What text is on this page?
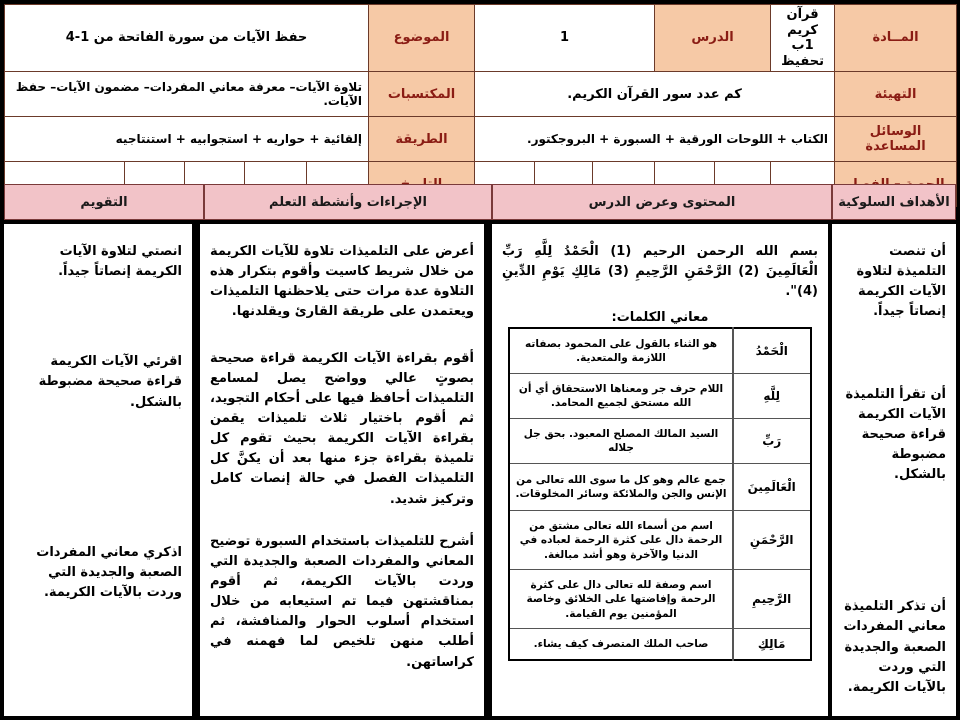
المــادة	قرآن كريم 1ب تحفيظ	الدرس		1			الموضوع	حفظ الآيات من سورة الفاتحة من 1-4				
التهيئة	كم عدد سور القرآن الكريم.						المكتسبات	تلاوة الآيات– معرفة معاني المفردات– مضمون الآيات– حفظ الآيات.				
الوسائل المساعدة	الكتاب + اللوحات الورقية + السبورة + البروجكتور.						الطريقة	إلقائية + حواريه + استجوابيه + استنتاجيه				

الأهداف السلوكية
المحتوى وعرض الدرس
الإجراءات وأنشطة التعلم
التقويم

أن تنصت التلميذة لتلاوة الآيات الكريمة إنصاتاً جيداً.

أن تقرأ التلميذة الآيات الكريمة قراءة صحيحة مضبوطة بالشكل.

أن تذكر التلميذة معاني المفردات الصعبة والجديدة التي وردت بالآيات الكريمة.

بسم الله الرحمن الرحيم (1) الْحَمْدُ لِلَّهِ رَبِّ الْعَالَمِينَ (2) الرَّحْمَنِ الرَّحِيمِ (3) مَالِكِ يَوْمِ الدِّينِ (4)".

معاني الكلمات:
الْحَمْدُ	هو الثناء بالقول على المحمود بصفاته اللازمة والمتعدية.
لِلَّهِ	اللام حرف جر ومعناها الاستحقاق أي أن الله مستحق لجميع المحامد.
رَبِّ	السيد المالك المصلح المعبود. بحق جل جلاله
الْعَالَمِينَ	جمع عالم وهو كل ما سوى الله تعالى من الإنس والجن والملائكة وسائر المخلوقات.
الرَّحْمَنِ	اسم من أسماء الله تعالى مشتق من الرحمة دال على كثرة الرحمة لعباده في الدنيا والآخرة وهو أشد مبالغة.
الرَّحِيمِ	اسم وصفة لله تعالى دال على كثرة الرحمة وإفاضتها على الخلائق وخاصة المؤمنين يوم القيامة.
مَالِكِ	صاحب الملك المتصرف كيف يشاء.

أعرض على التلميذات تلاوة للآيات الكريمة من خلال شريط كاسيت وأقوم بتكرار هذه التلاوة عدة مرات حتى يلاحظنها التلميذات ويعتمدن على طريقة القارئ ويقلدنها.

أقوم بقراءة الآيات الكريمة قراءة صحيحة بصوتٍ عالي وواضح يصل لمسامع التلميذات أحافظ فيها على أحكام التجويد، ثم أقوم باختيار ثلاث تلميذات يقمن بقراءة الآيات الكريمة بحيث تقوم كل تلميذة بقراءة جزء منها بعد أن يكنَّ كل التلميذات الفصل في حالة إنصات كامل وتركيز شديد.

أشرح للتلميذات باستخدام السبورة توضيح المعاني والمفردات الصعبة والجديدة التي وردت بالآيات الكريمة، ثم أقوم بمناقشتهن فيما تم استيعابه من خلال استخدام أسلوب الحوار والمنافشة، ثم أطلب منهن تلخيص لما فهمنه في كراساتهن.

انصتي لتلاوة الآيات الكريمة إنصاتاً جيداً.

اقرئي الآيات الكريمة قراءة صحيحة مضبوطة بالشكل.

اذكري معاني المفردات الصعبة والجديدة التي وردت بالآيات الكريمة.
